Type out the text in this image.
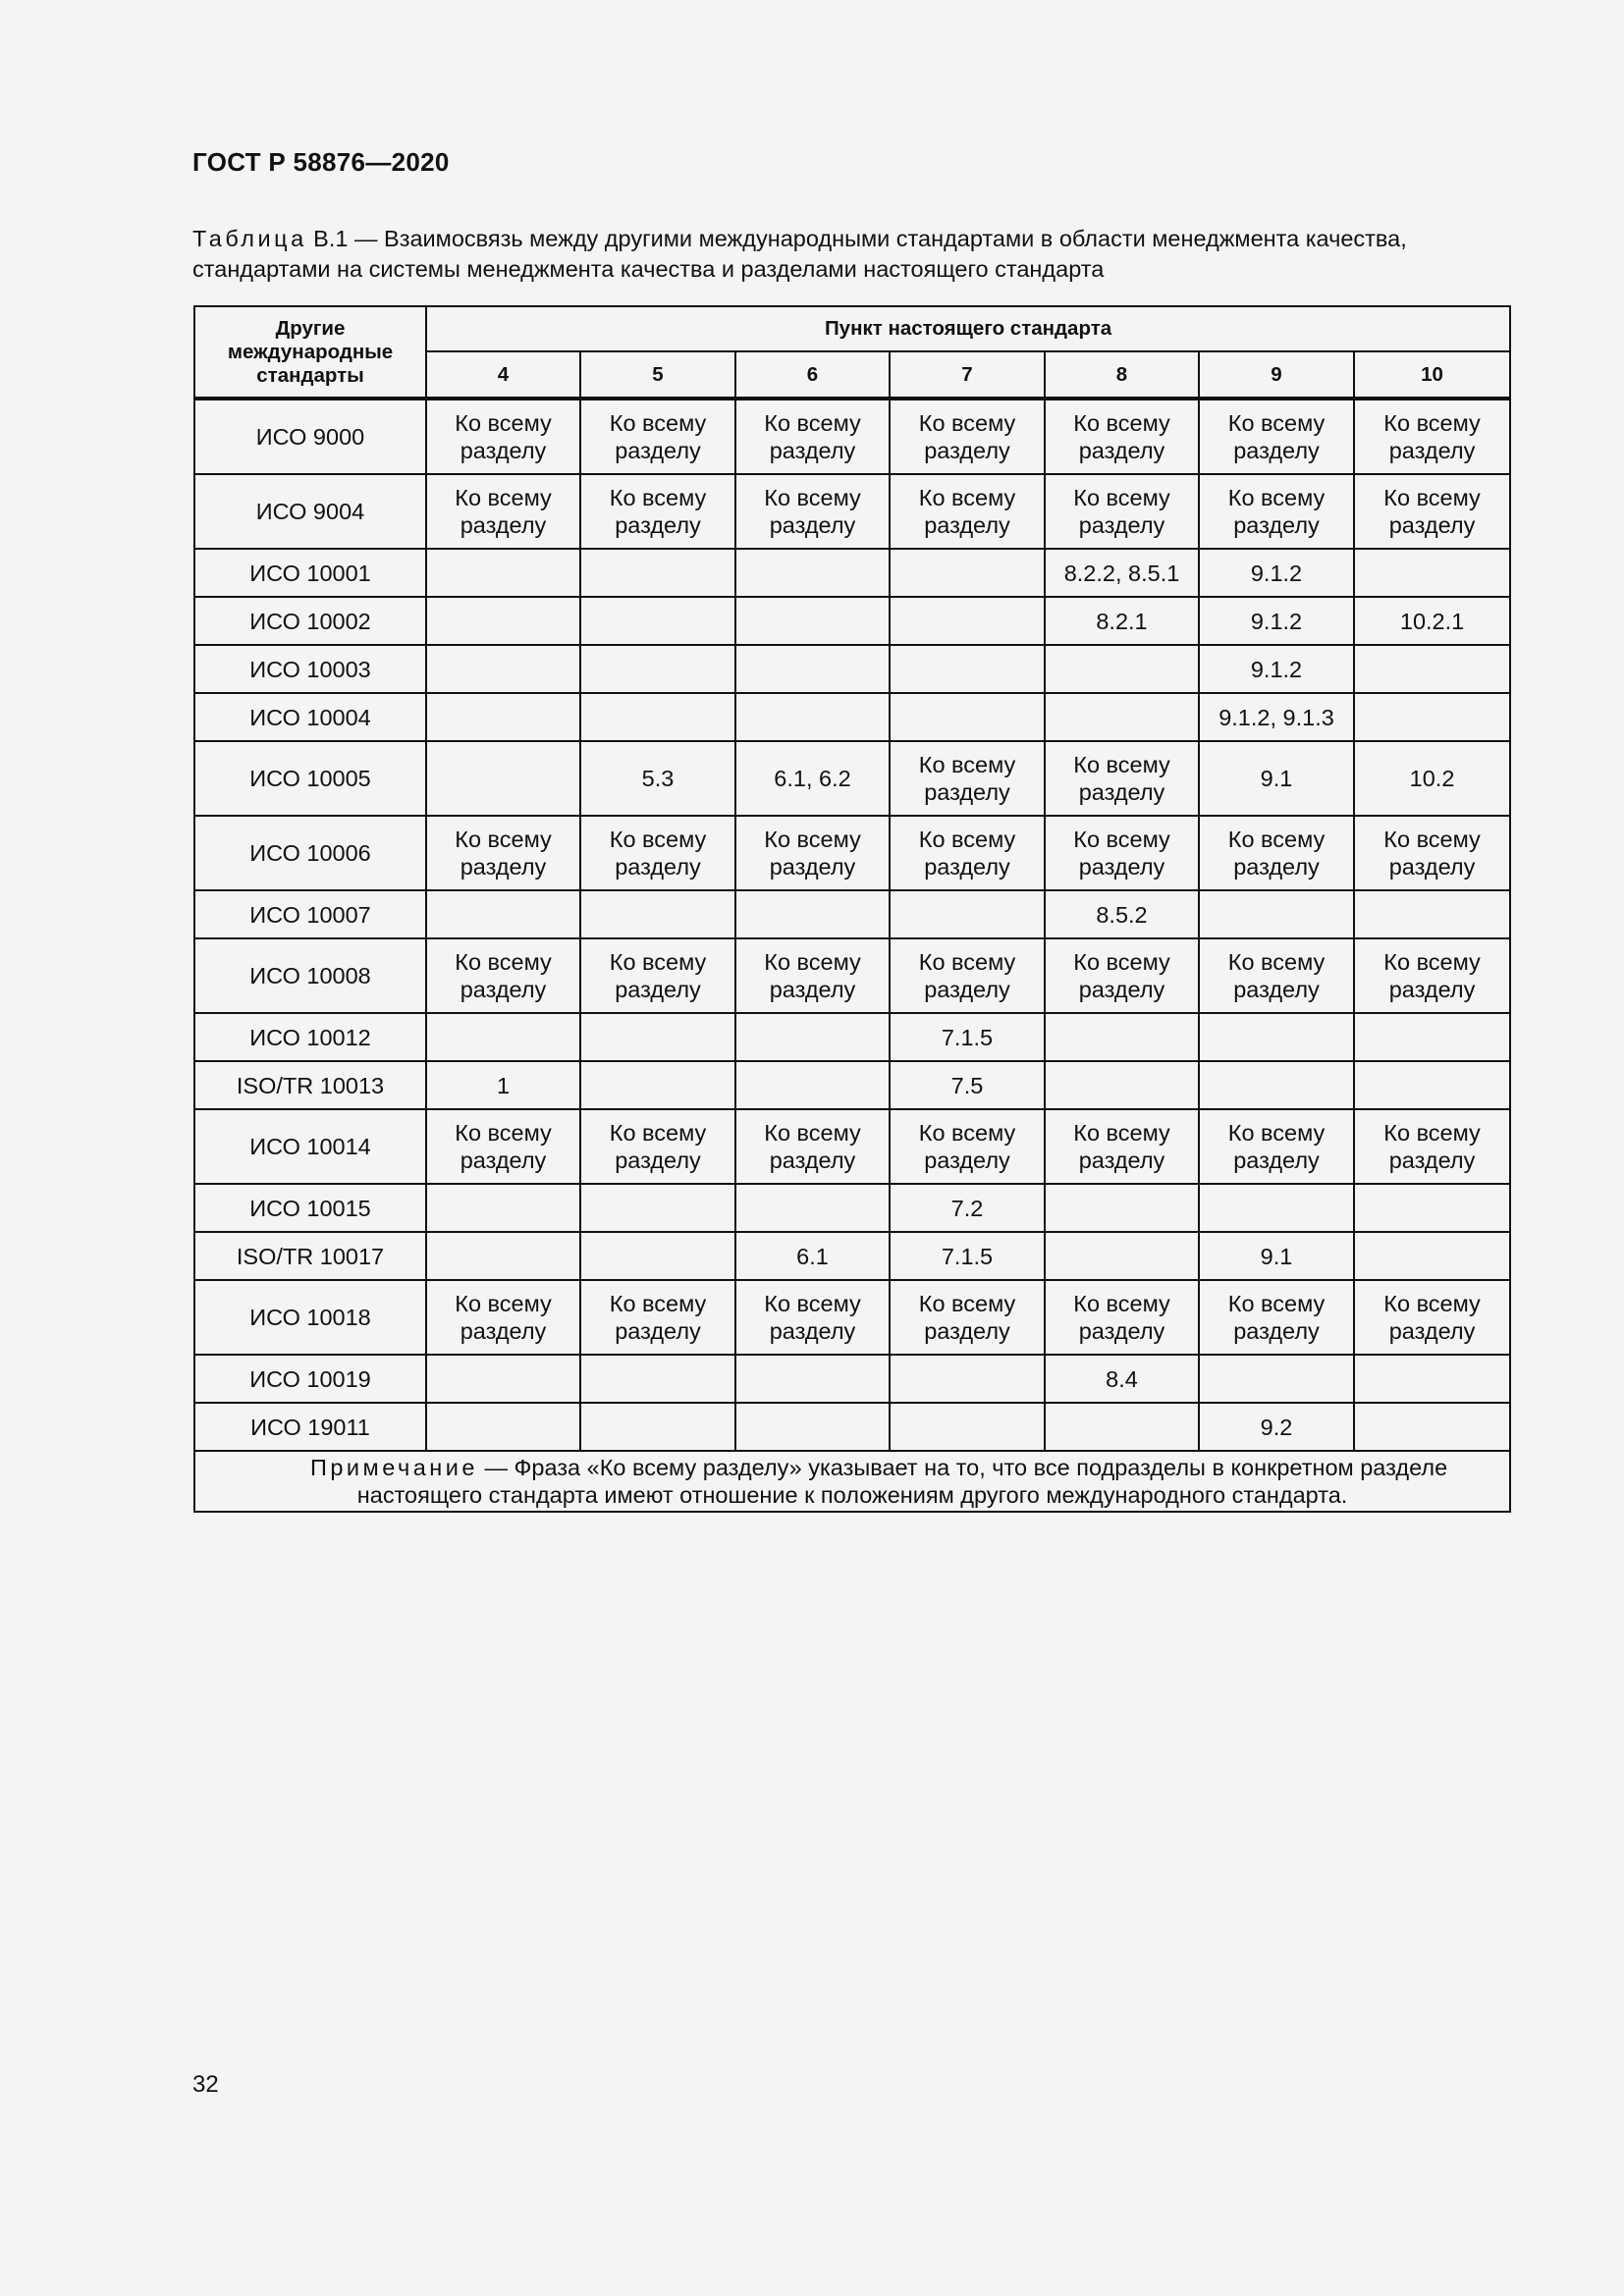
ГОСТ Р 58876—2020
Таблица В.1 — Взаимосвязь между другими международными стандартами в области менеджмента качества, стандартами на системы менеджмента качества и разделами настоящего стандарта
Другие международные стандарты	Пункт настоящего стандарта						
	4	5	6	7	8	9	10
ИСО 9000	Ко всему разделу	Ко всему разделу	Ко всему разделу	Ко всему разделу	Ко всему разделу	Ко всему разделу	Ко всему разделу
ИСО 9004	Ко всему разделу	Ко всему разделу	Ко всему разделу	Ко всему разделу	Ко всему разделу	Ко всему разделу	Ко всему разделу
ИСО 10001					8.2.2, 8.5.1	9.1.2	
ИСО 10002					8.2.1	9.1.2	10.2.1
ИСО 10003						9.1.2	
ИСО 10004						9.1.2, 9.1.3	
ИСО 10005		5.3	6.1, 6.2	Ко всему разделу	Ко всему разделу	9.1	10.2
ИСО 10006	Ко всему разделу	Ко всему разделу	Ко всему разделу	Ко всему разделу	Ко всему разделу	Ко всему разделу	Ко всему разделу
ИСО 10007					8.5.2		
ИСО 10008	Ко всему разделу	Ко всему разделу	Ко всему разделу	Ко всему разделу	Ко всему разделу	Ко всему разделу	Ко всему разделу
ИСО 10012				7.1.5			
ISO/TR 10013	1			7.5			
ИСО 10014	Ко всему разделу	Ко всему разделу	Ко всему разделу	Ко всему разделу	Ко всему разделу	Ко всему разделу	Ко всему разделу
ИСО 10015				7.2			
ISO/TR 10017			6.1	7.1.5		9.1	
ИСО 10018	Ко всему разделу	Ко всему разделу	Ко всему разделу	Ко всему разделу	Ко всему разделу	Ко всему разделу	Ко всему разделу
ИСО 10019					8.4		
ИСО 19011						9.2	
Примечание — Фраза «Ко всему разделу» указывает на то, что все подразделы в конкретном разделе настоящего стандарта имеют отношение к положениям другого международного стандарта.							
32
